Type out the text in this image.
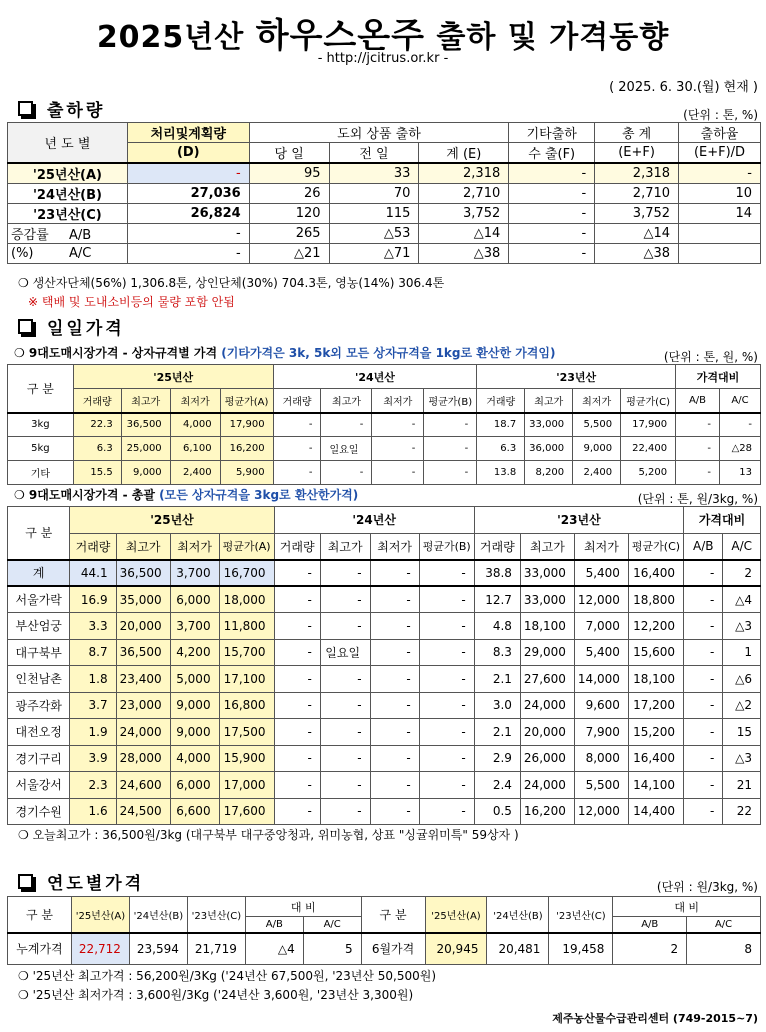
2025년산 하우스온주 출하 및 가격동향
- http://jcitrus.or.kr -
( 2025. 6. 30.(월) 현재 )
출하량	(단위 : 톤, %)
년 도 별	처리및계획량	도외 상품 출하			기타출하	총 계	출하율
	(D)	당 일	전 일	계 (E)	수 출(F)	(E+F)	(E+F)/D
'25년산(A)	-	95	33	2,318	-	2,318	-
'24년산(B)	27,036	26	70	2,710	-	2,710	10
'23년산(C)	26,824	120	115	3,752	-	3,752	14
증감률 A/B	-	265	△53	△14	-	△14	
(%) A/C	-	△21	△71	△38	-	△38	
❍ 생산자단체(56%) 1,306.8톤, 상인단체(30%) 704.3톤, 영농(14%) 306.4톤
※ 택배 및 도내소비등의 물량 포함 안됨
일일가격
❍ 9대도매시장가격 - 상자규격별 가격 (기타가격은 3k, 5k외 모든 상자규격을 1kg로 환산한 가격임)	(단위 : 톤, 원, %)
구 분	'25년산				'24년산				'23년산				가격대비	
	거래량	최고가	최저가	평균가(A)	거래량	최고가	최저가	평균가(B)	거래량	최고가	최저가	평균가(C)	A/B	A/C
3kg	22.3	36,500	4,000	17,900	-	-	-	-	18.7	33,000	5,500	17,900	-	-
5kg	6.3	25,000	6,100	16,200	-	일요일	-	-	6.3	36,000	9,000	22,400	-	△28
기타	15.5	9,000	2,400	5,900	-	-	-	-	13.8	8,200	2,400	5,200	-	13
❍ 9대도매시장가격 - 총괄 (모든 상자규격을 3kg로 환산한가격)	(단위 : 톤, 원/3kg, %)
구 분	'25년산				'24년산				'23년산				가격대비	
	거래량	최고가	최저가	평균가(A)	거래량	최고가	최저가	평균가(B)	거래량	최고가	최저가	평균가(C)	A/B	A/C
계	44.1	36,500	3,700	16,700	-	-	-	-	38.8	33,000	5,400	16,400	-	2
서울가락	16.9	35,000	6,000	18,000	-	-	-	-	12.7	33,000	12,000	18,800	-	△4
부산엄궁	3.3	20,000	3,700	11,800	-	-	-	-	4.8	18,100	7,000	12,200	-	△3
대구북부	8.7	36,500	4,200	15,700	-	일요일	-	-	8.3	29,000	5,400	15,600	-	1
인천남촌	1.8	23,400	5,000	17,100	-	-	-	-	2.1	27,600	14,000	18,100	-	△6
광주각화	3.7	23,000	9,000	16,800	-	-	-	-	3.0	24,000	9,600	17,200	-	△2
대전오정	1.9	24,000	9,000	17,500	-	-	-	-	2.1	20,000	7,900	15,200	-	15
경기구리	3.9	28,000	4,000	15,900	-	-	-	-	2.9	26,000	8,000	16,400	-	△3
서울강서	2.3	24,600	6,000	17,000	-	-	-	-	2.4	24,000	5,500	14,100	-	21
경기수원	1.6	24,500	6,600	17,600	-	-	-	-	0.5	16,200	12,000	14,400	-	22
❍ 오늘최고가 : 36,500원/3kg (대구북부 대구중앙청과, 위미농협, 상표 "싱귤위미특" 59상자 )
연도별가격	(단위 : 원/3kg, %)
구 분	'25년산(A)	'24년산(B)	'23년산(C)	대 비		구 분	'25년산(A)	'24년산(B)	'23년산(C)	대 비	
				A/B	A/C					A/B	A/C
누계가격	22,712	23,594	21,719	△4	5	6월가격	20,945	20,481	19,458	2	8
❍ '25년산 최고가격 : 56,200원/3Kg ('24년산 67,500원, '23년산 50,500원)
❍ '25년산 최저가격 : 3,600원/3Kg ('24년산 3,600원, '23년산 3,300원)
제주농산물수급관리센터 (749-2015~7)
